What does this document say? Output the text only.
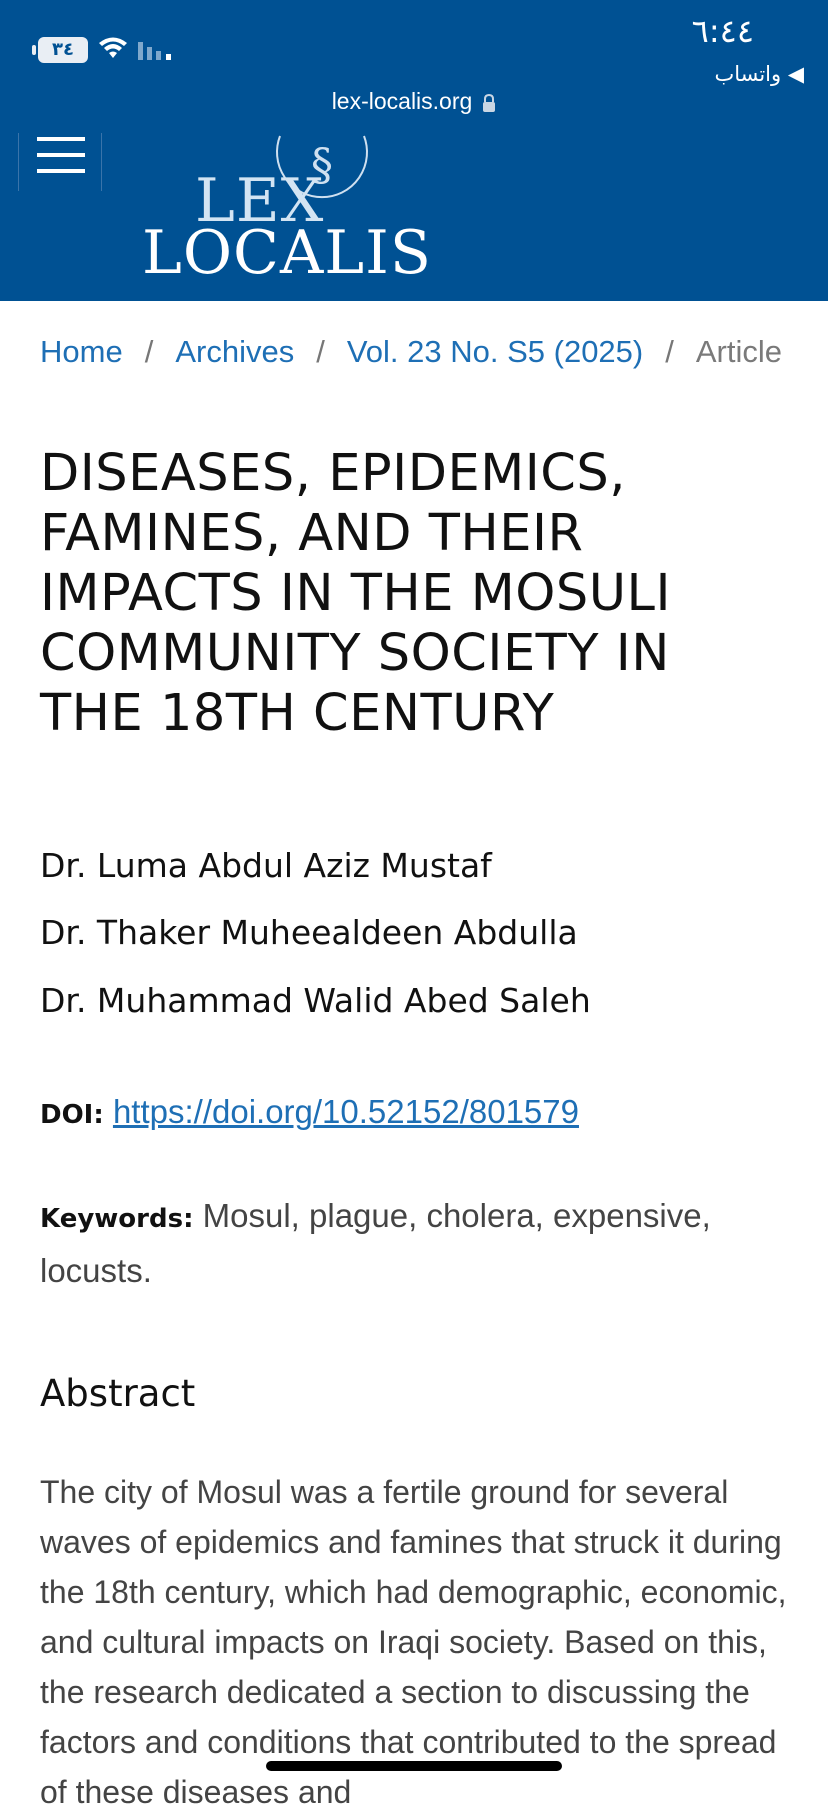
٣٤	٦:٤٤
◀ واتساب
lex-localis.org
§
LEX
LOCALIS
Home / Archives / Vol. 23 No. S5 (2025) / Article
DISEASES, EPIDEMICS, FAMINES, AND THEIR IMPACTS IN THE MOSULI COMMUNITY SOCIETY IN THE 18TH CENTURY
Dr. Luma Abdul Aziz Mustaf
Dr. Thaker Muheealdeen Abdulla
Dr. Muhammad Walid Abed Saleh
DOI: https://doi.org/10.52152/801579
Keywords: Mosul, plague, cholera, expensive, locusts.
Abstract

The city of Mosul was a fertile ground for several waves of epidemics and famines that struck it during the 18th century, which had demographic, economic, and cultural impacts on Iraqi society. Based on this, the research dedicated a section to discussing the factors and conditions that contributed to the spread of these diseases and
